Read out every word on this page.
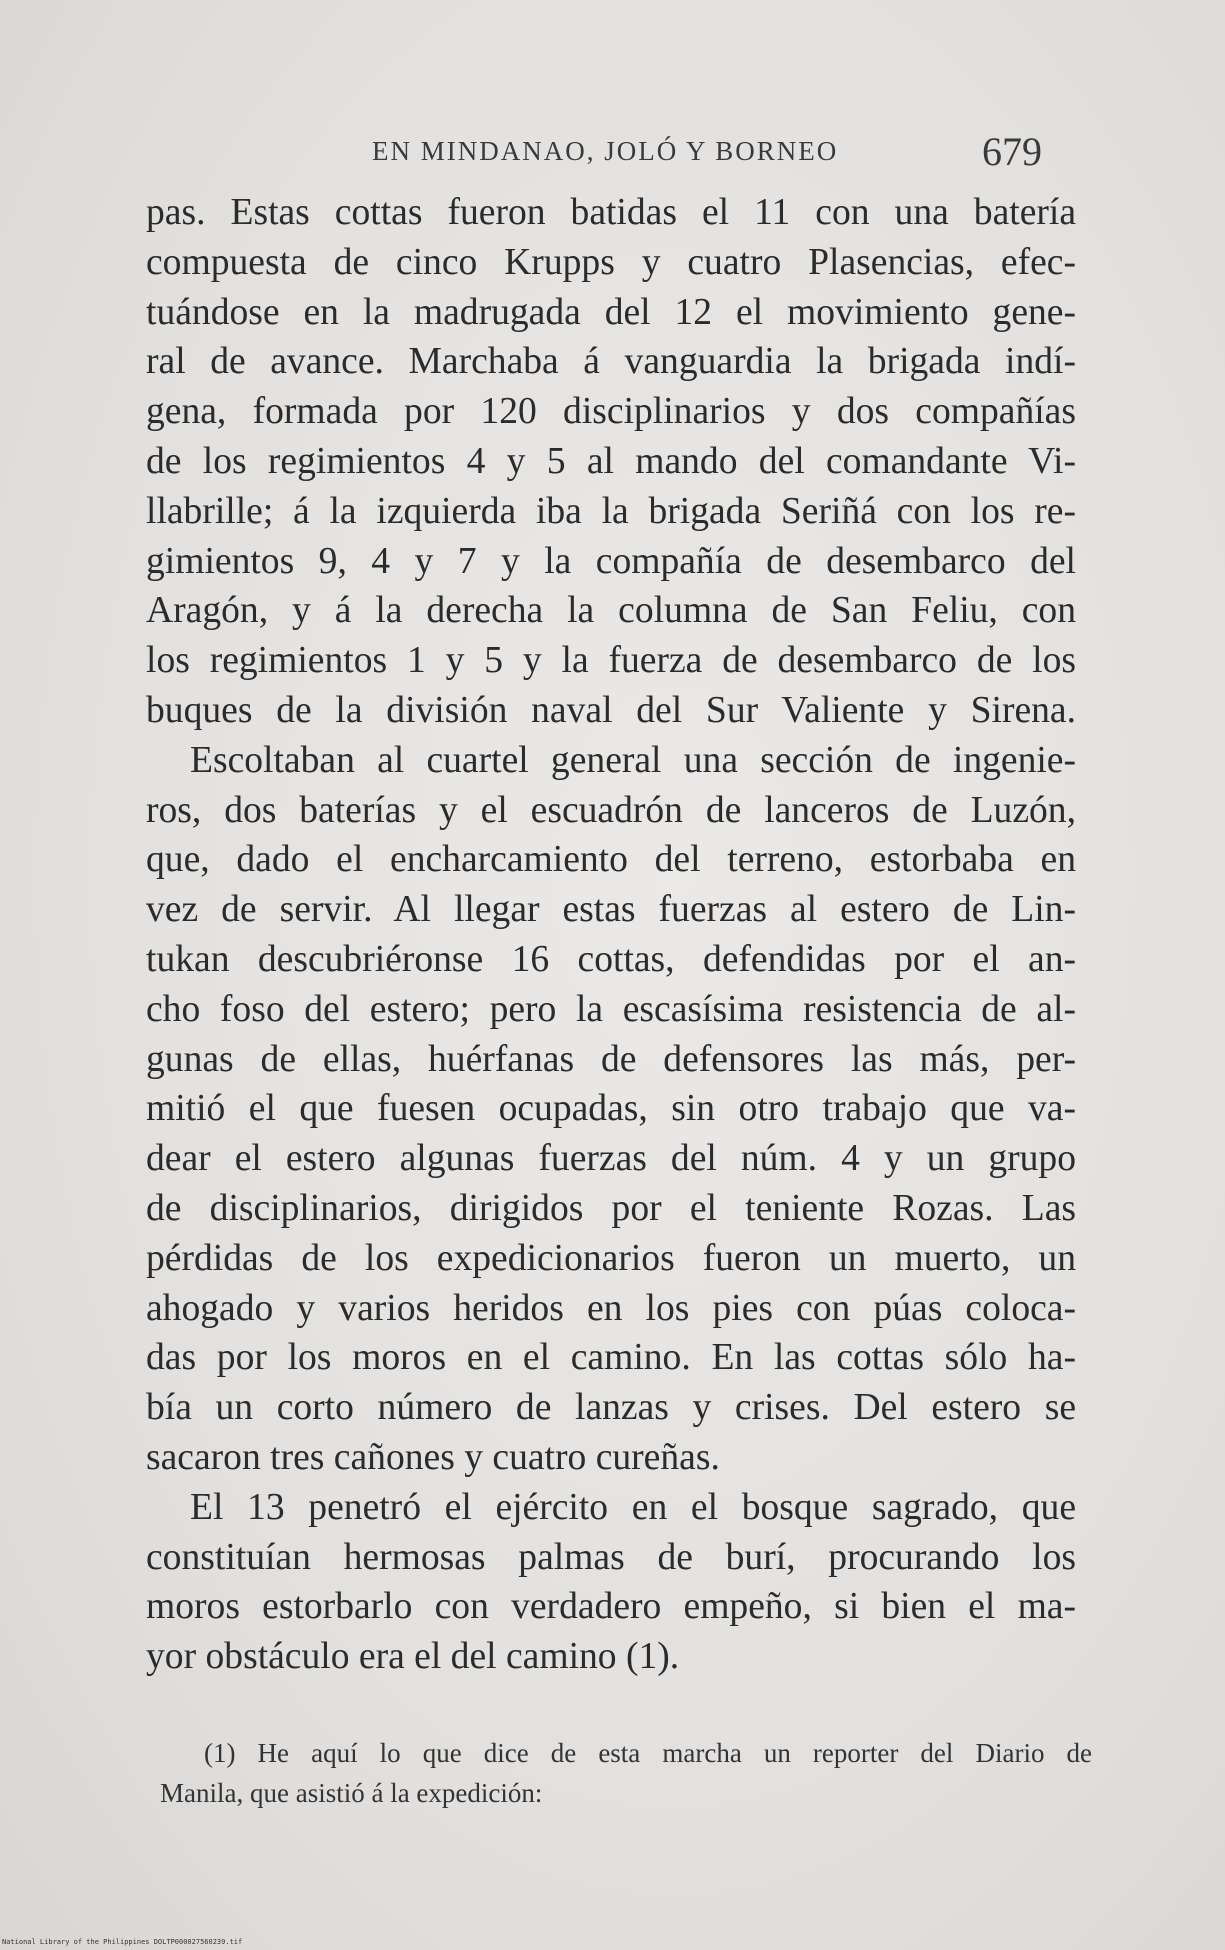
EN MINDANAO, JOLÓ Y BORNEO	679
pas. Estas cottas fueron batidas el 11 con una batería
compuesta de cinco Krupps y cuatro Plasencias, efec-
tuándose en la madrugada del 12 el movimiento gene-
ral de avance. Marchaba á vanguardia la brigada indí-
gena, formada por 120 disciplinarios y dos compañías
de los regimientos 4 y 5 al mando del comandante Vi-
llabrille; á la izquierda iba la brigada Seriñá con los re-
gimientos 9, 4 y 7 y la compañía de desembarco del
Aragón, y á la derecha la columna de San Feliu, con
los regimientos 1 y 5 y la fuerza de desembarco de los
buques de la división naval del Sur Valiente y Sirena.
Escoltaban al cuartel general una sección de ingenie-
ros, dos baterías y el escuadrón de lanceros de Luzón,
que, dado el encharcamiento del terreno, estorbaba en
vez de servir. Al llegar estas fuerzas al estero de Lin-
tukan descubriéronse 16 cottas, defendidas por el an-
cho foso del estero; pero la escasísima resistencia de al-
gunas de ellas, huérfanas de defensores las más, per-
mitió el que fuesen ocupadas, sin otro trabajo que va-
dear el estero algunas fuerzas del núm. 4 y un grupo
de disciplinarios, dirigidos por el teniente Rozas. Las
pérdidas de los expedicionarios fueron un muerto, un
ahogado y varios heridos en los pies con púas coloca-
das por los moros en el camino. En las cottas sólo ha-
bía un corto número de lanzas y crises. Del estero se
sacaron tres cañones y cuatro cureñas.
El 13 penetró el ejército en el bosque sagrado, que
constituían hermosas palmas de burí, procurando los
moros estorbarlo con verdadero empeño, si bien el ma-
yor obstáculo era el del camino (1).
(1) He aquí lo que dice de esta marcha un reporter del Diario de
Manila, que asistió á la expedición:
National Library of the Philippines DOLTP000027560239.tif
